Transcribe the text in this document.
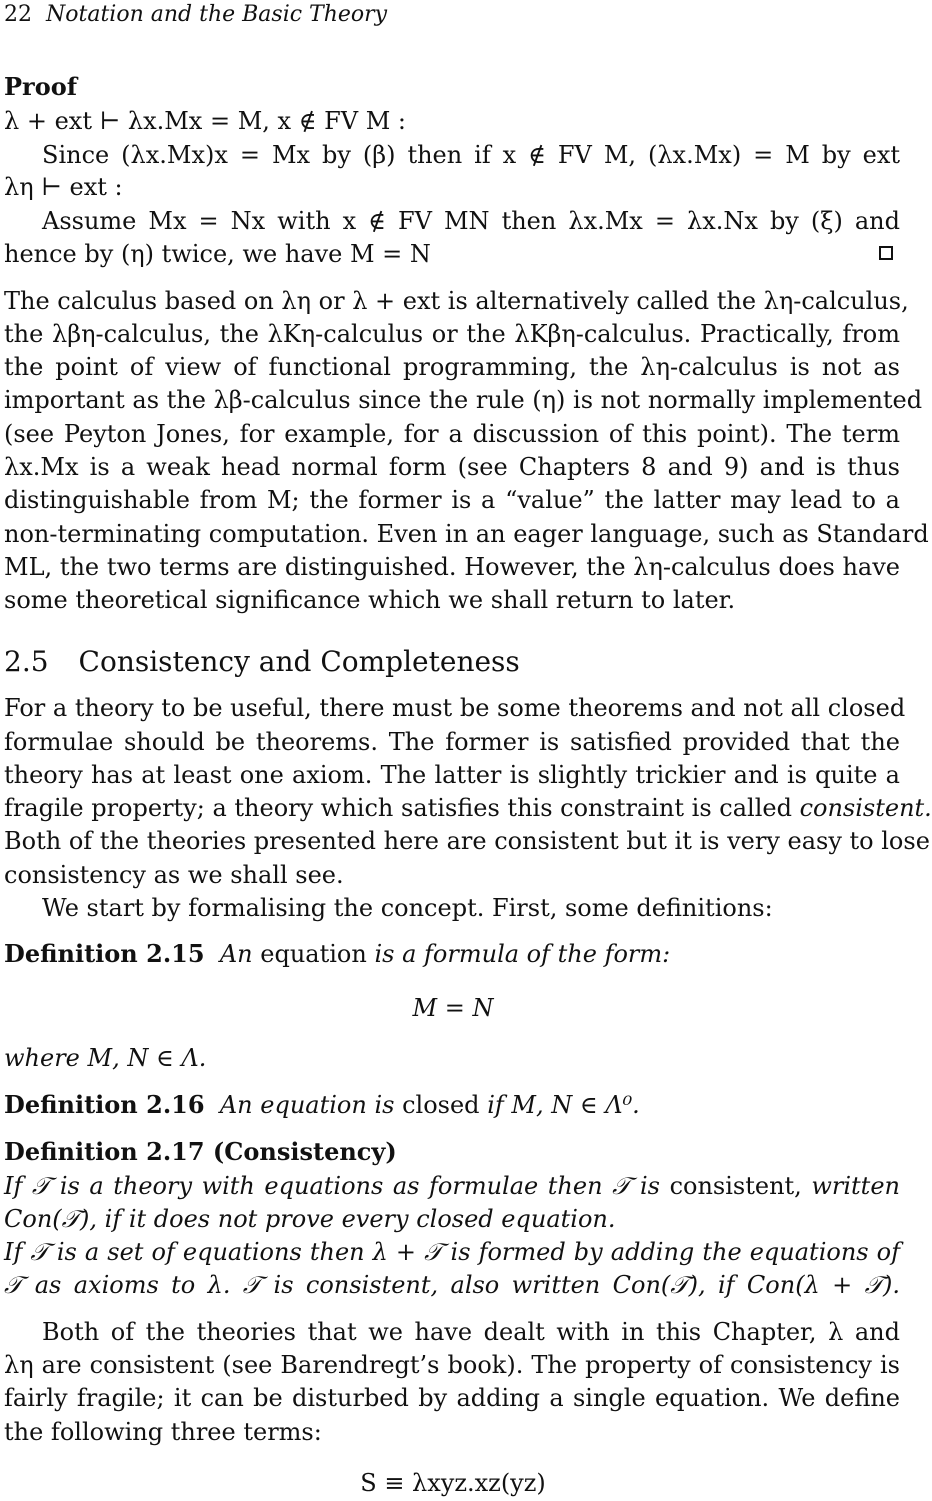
22 Notation and the Basic Theory
Proof
λ + ext ⊢ λx.Mx = M, x ∉ FV M :
Since (λx.Mx)x = Mx by (β) then if x ∉ FV M, (λx.Mx) = M by ext
λη ⊢ ext :
Assume Mx = Nx with x ∉ FV MN then λx.Mx = λx.Nx by (ξ) and
hence by (η) twice, we have M = N
The calculus based on λη or λ + ext is alternatively called the λη-calculus,
the λβη-calculus, the λKη-calculus or the λKβη-calculus. Practically, from
the point of view of functional programming, the λη-calculus is not as
important as the λβ-calculus since the rule (η) is not normally implemented
(see Peyton Jones, for example, for a discussion of this point). The term
λx.Mx is a weak head normal form (see Chapters 8 and 9) and is thus
distinguishable from M; the former is a “value” the latter may lead to a
non-terminating computation. Even in an eager language, such as Standard
ML, the two terms are distinguished. However, the λη-calculus does have
some theoretical significance which we shall return to later.
2.5 Consistency and Completeness
For a theory to be useful, there must be some theorems and not all closed
formulae should be theorems. The former is satisfied provided that the
theory has at least one axiom. The latter is slightly trickier and is quite a
fragile property; a theory which satisfies this constraint is called consistent.
Both of the theories presented here are consistent but it is very easy to lose
consistency as we shall see.
We start by formalising the concept. First, some definitions:
Definition 2.15 An equation is a formula of the form:
M = N
where M, N ∈ Λ.
Definition 2.16 An equation is closed if M, N ∈ Λ⁰.
Definition 2.17 (Consistency)
If 𝒯 is a theory with equations as formulae then 𝒯 is consistent, written
Con(𝒯), if it does not prove every closed equation.
If 𝒯 is a set of equations then λ + 𝒯 is formed by adding the equations of
𝒯 as axioms to λ. 𝒯 is consistent, also written Con(𝒯), if Con(λ + 𝒯).
Both of the theories that we have dealt with in this Chapter, λ and
λη are consistent (see Barendregt’s book). The property of consistency is
fairly fragile; it can be disturbed by adding a single equation. We define
the following three terms:
S ≡ λxyz.xz(yz)
